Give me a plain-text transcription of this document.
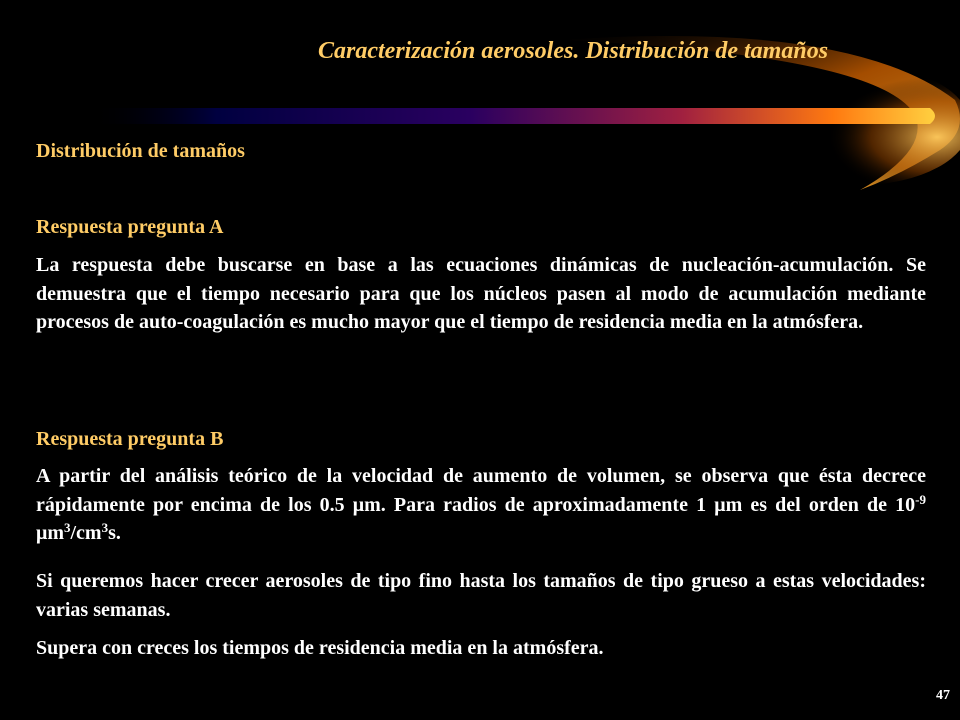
Caracterización aerosoles. Distribución de tamaños
Distribución de tamaños
Respuesta pregunta A
La respuesta debe buscarse en base a las ecuaciones dinámicas de nucleación-acumulación. Se demuestra que el tiempo necesario para que los núcleos pasen al modo de acumulación mediante procesos de auto-coagulación es mucho mayor que el tiempo de residencia media en la atmósfera.
Respuesta pregunta B
A partir del análisis teórico de la velocidad de aumento de volumen, se observa que ésta decrece rápidamente por encima de los 0.5 μm. Para radios de aproximadamente 1 μm es del orden de $10^{-9}$ $\mu m^3/cm^3s$.
Si queremos hacer crecer aerosoles de tipo fino hasta los tamaños de tipo grueso a estas velocidades: varias semanas.
Supera con creces los tiempos de residencia media en la atmósfera.
47
